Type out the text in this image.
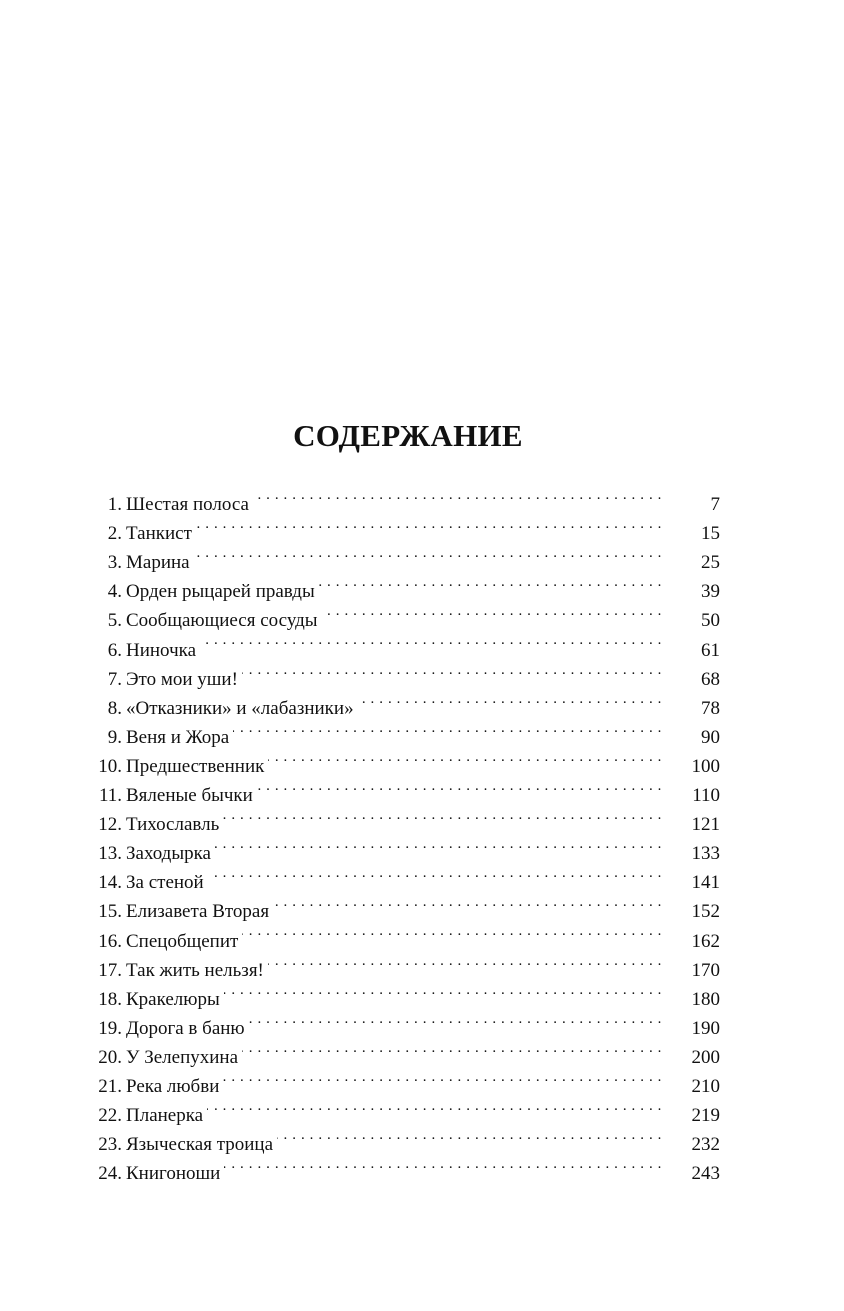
СОДЕРЖАНИЕ
1. Шестая полоса . . .	7
2. Танкист . . .	15
3. Марина . . .	25
4. Орден рыцарей правды . . .	39
5. Сообщающиеся сосуды . . .	50
6. Ниночка . . .	61
7. Это мои уши! . . .	68
8. «Отказники» и «лабазники» . . .	78
9. Веня и Жора . . .	90
10. Предшественник . . .	100
11. Вяленые бычки . . .	110
12. Тихославль . . .	121
13. Заходырка . . .	133
14. За стеной . . .	141
15. Елизавета Вторая . . .	152
16. Спецобщепит . . .	162
17. Так жить нельзя! . . .	170
18. Кракелюры . . .	180
19. Дорога в баню . . .	190
20. У Зелепухина . . .	200
21. Река любви . . .	210
22. Планерка . . .	219
23. Языческая троица . . .	232
24. Книгоноши . . .	243
